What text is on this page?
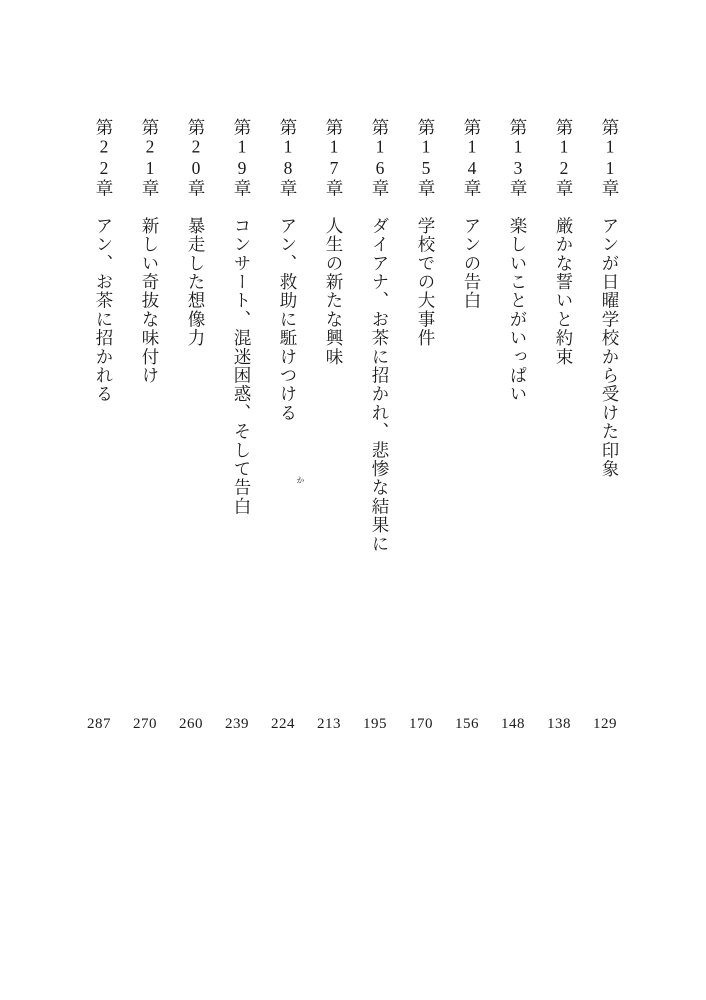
第11章　アンが日曜学校から受けた印象
第12章　厳かな誓いと約束
第13章　楽しいことがいっぱい
第14章　アンの告白
第15章　学校での大事件
第16章　ダイアナ、お茶に招かれ、悲惨な結果に
第17章　人生の新たな興味
第18章　アン、救助に駈けつける
か
第19章　コンサート、混迷困惑、そして告白
第20章　暴走した想像力
第21章　新しい奇抜な味付け
第22章　アン、お茶に招かれる
129
138
148
156
170
195
213
224
239
260
270
287
